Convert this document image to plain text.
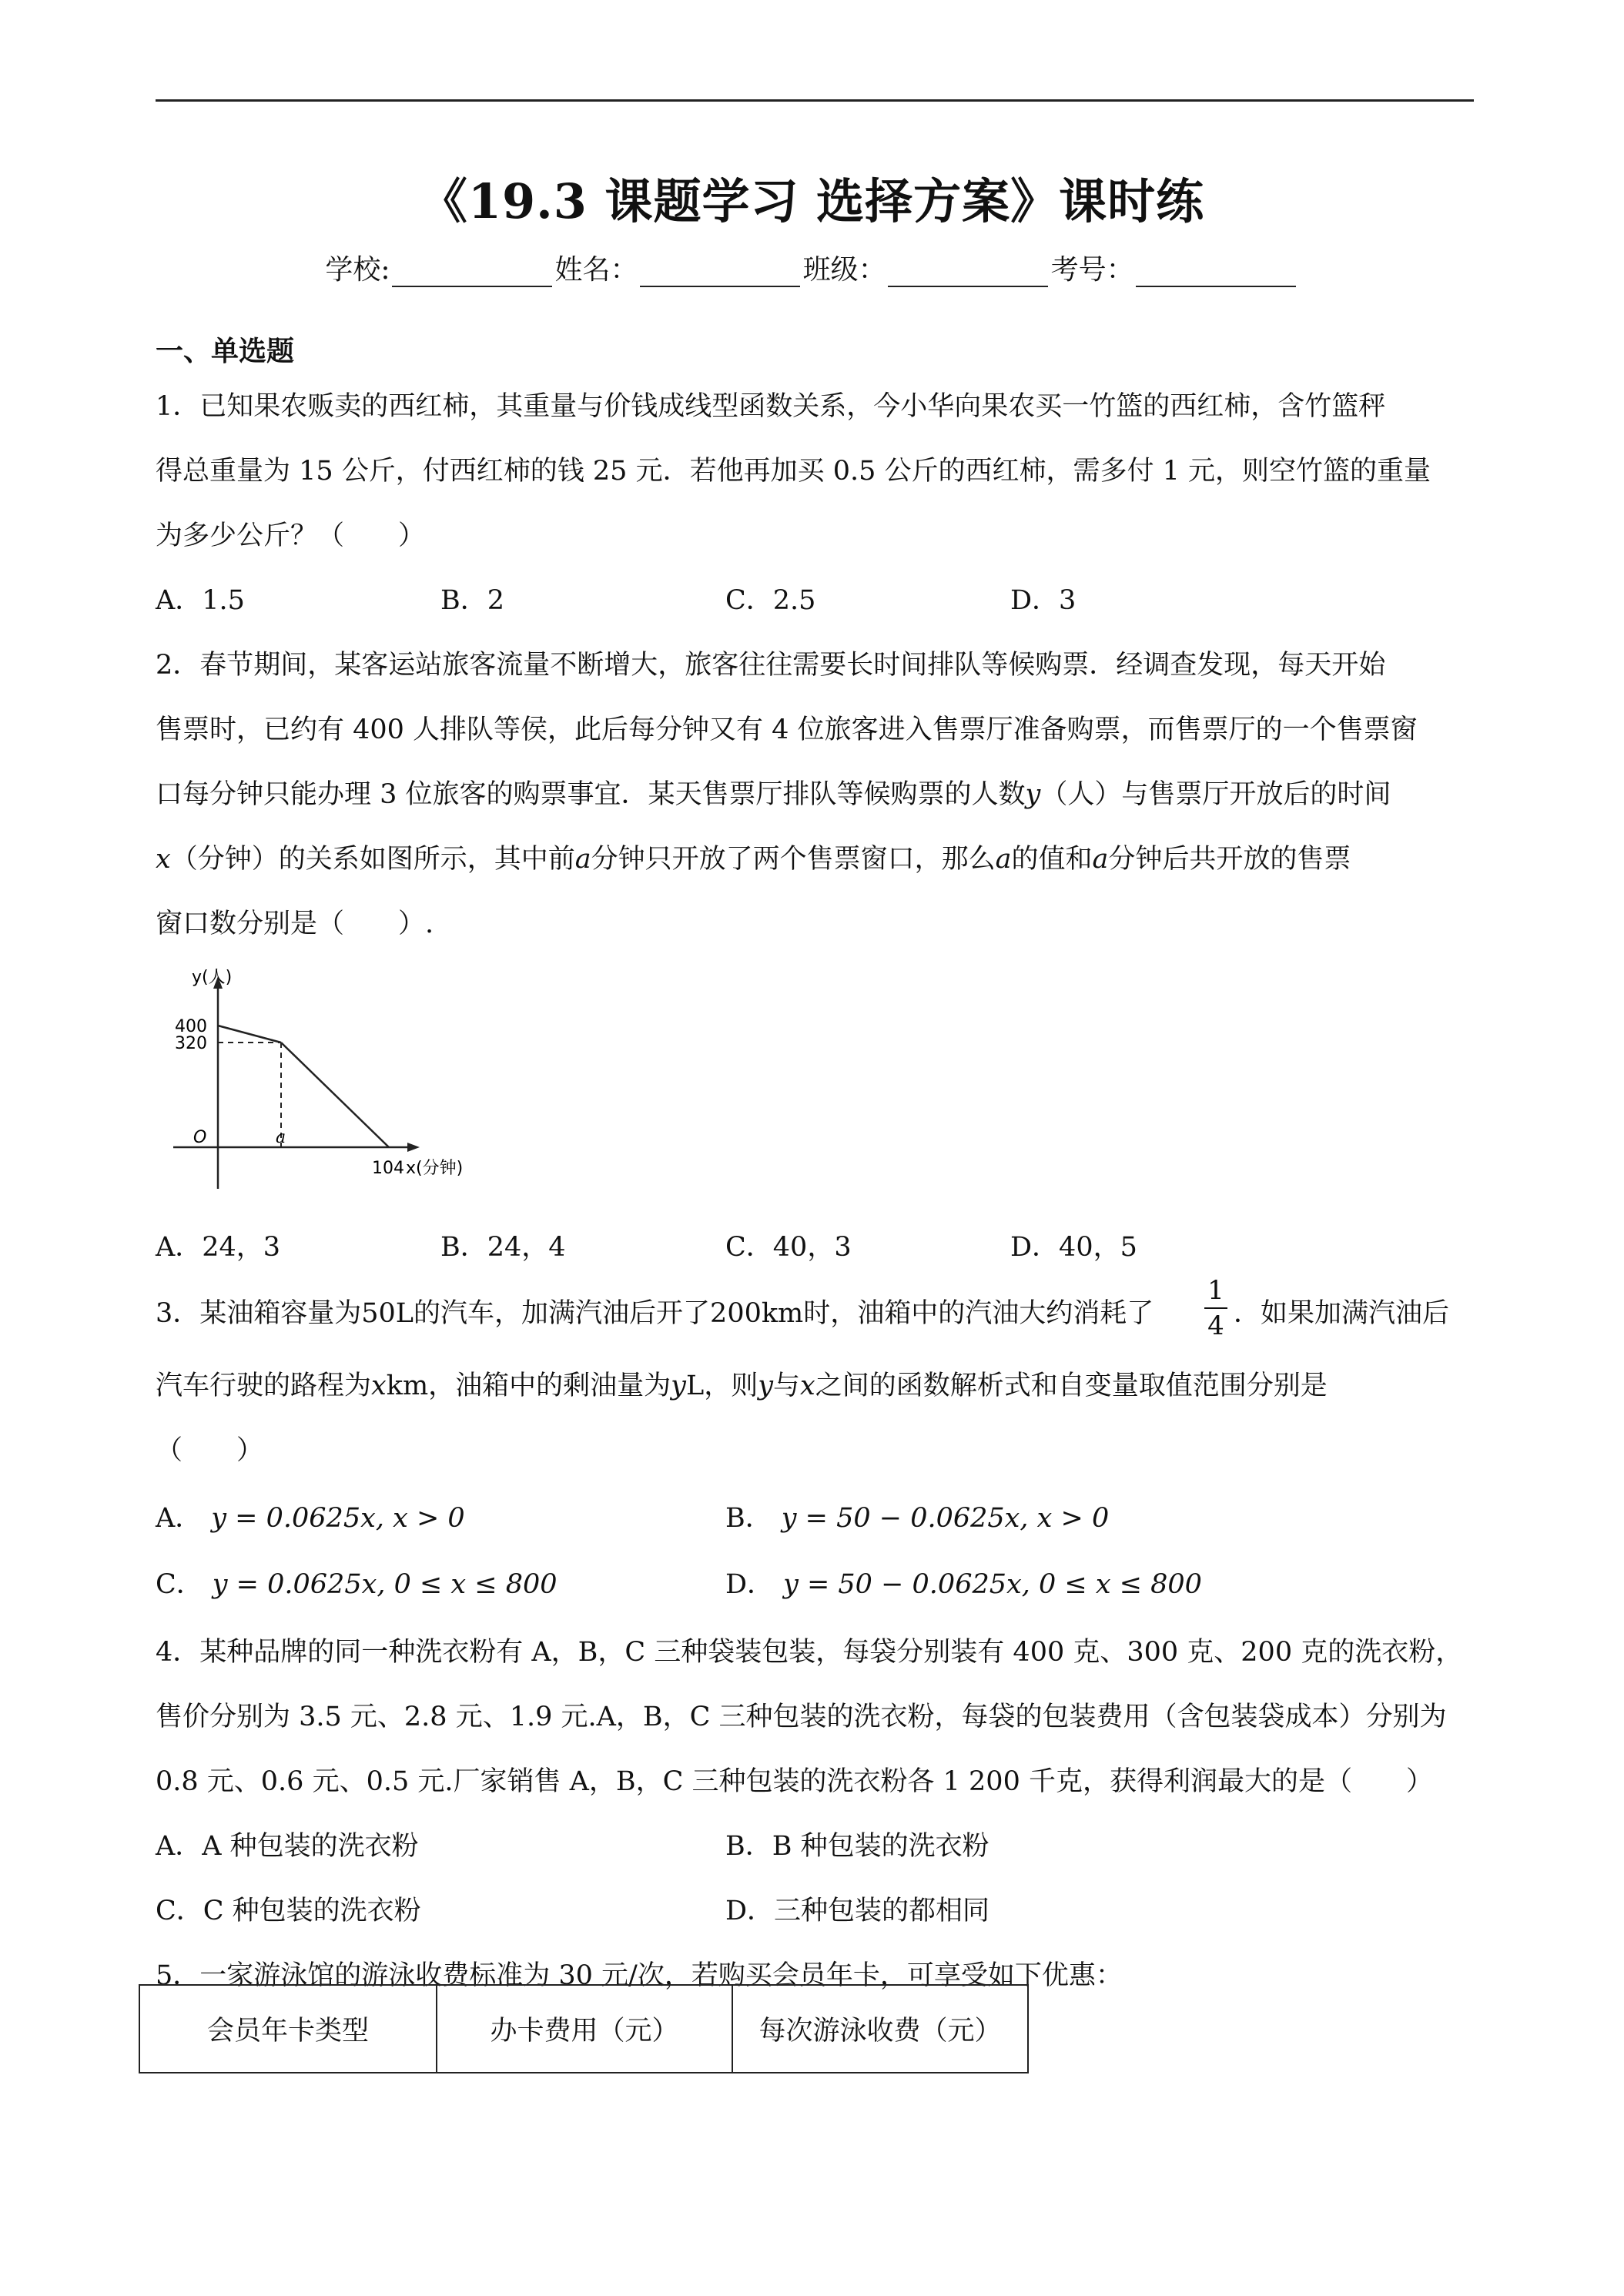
《19.3 课题学习 选择方案》课时练
学校:	姓名：	班级：	考号：
一、单选题
1．已知果农贩卖的西红柿，其重量与价钱成线型函数关系，今小华向果农买一竹篮的西红柿，含竹篮秤
得总重量为 15 公斤，付西红柿的钱 25 元．若他再加买 0.5 公斤的西红柿，需多付 1 元，则空竹篮的重量
为多少公斤？（　　）
A．1.5	B．2	C．2.5	D．3
2．春节期间，某客运站旅客流量不断增大，旅客往往需要长时间排队等候购票．经调查发现，每天开始
售票时，已约有 400 人排队等侯，此后每分钟又有 4 位旅客进入售票厅准备购票，而售票厅的一个售票窗
口每分钟只能办理 3 位旅客的购票事宜．某天售票厅排队等候购票的人数y（人）与售票厅开放后的时间
x（分钟）的关系如图所示，其中前a分钟只开放了两个售票窗口，那么a的值和a分钟后共开放的售票
窗口数分别是（　　）.
y(人)
400
320
O	a
104 x(分钟)
A．24，3	B．24，4	C．40，3	D．40，5
3．某油箱容量为50L的汽车，加满汽油后开了200km时，油箱中的汽油大约消耗了
1
4 ．如果加满汽油后
汽车行驶的路程为xkm，油箱中的剩油量为yL，则y与x之间的函数解析式和自变量取值范围分别是
（　　）
A． y = 0.0625x, x > 0	B． y = 50 − 0.0625x, x > 0
C． y = 0.0625x, 0 ≤ x ≤ 800	D． y = 50 − 0.0625x, 0 ≤ x ≤ 800
4．某种品牌的同一种洗衣粉有 A，B，C 三种袋装包装，每袋分别装有 400 克、300 克、200 克的洗衣粉，
售价分别为 3.5 元、2.8 元、1.9 元.A，B，C 三种包装的洗衣粉，每袋的包装费用（含包装袋成本）分别为
0.8 元、0.6 元、0.5 元.厂家销售 A，B，C 三种包装的洗衣粉各 1 200 千克，获得利润最大的是（　　）
A．A 种包装的洗衣粉	B．B 种包装的洗衣粉
C．C 种包装的洗衣粉	D．三种包装的都相同
5．一家游泳馆的游泳收费标准为 30 元/次，若购买会员年卡，可享受如下优惠：
会员年卡类型	办卡费用（元）	每次游泳收费（元）
